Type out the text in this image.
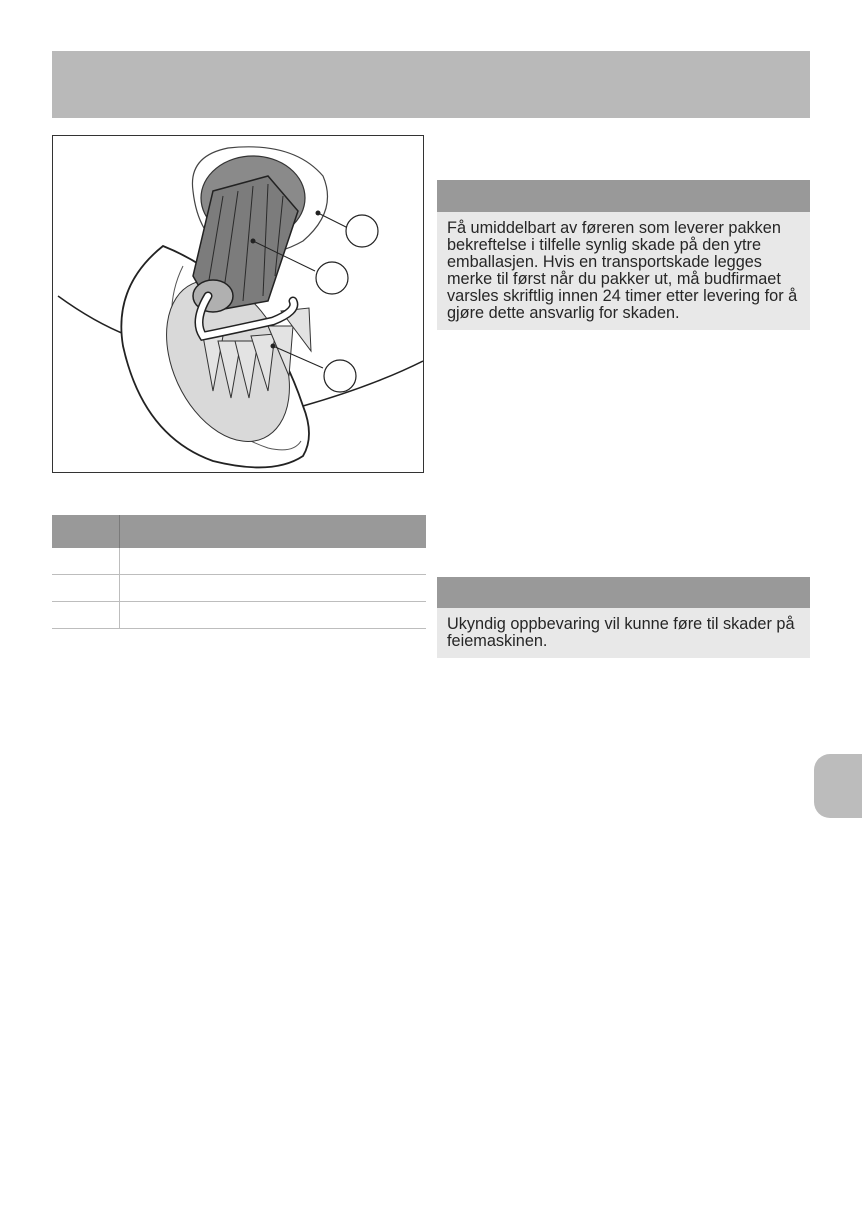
Få umiddelbart av føreren som leverer pakken bekreftelse i tilfelle synlig skade på den ytre emballasjen. Hvis en transportskade legges merke til først når du pakker ut, må budfirmaet varsles skriftlig innen 24 timer etter levering for å gjøre dette ansvarlig for skaden.
Ukyndig oppbevaring vil kunne føre til skader på feiemaskinen.
